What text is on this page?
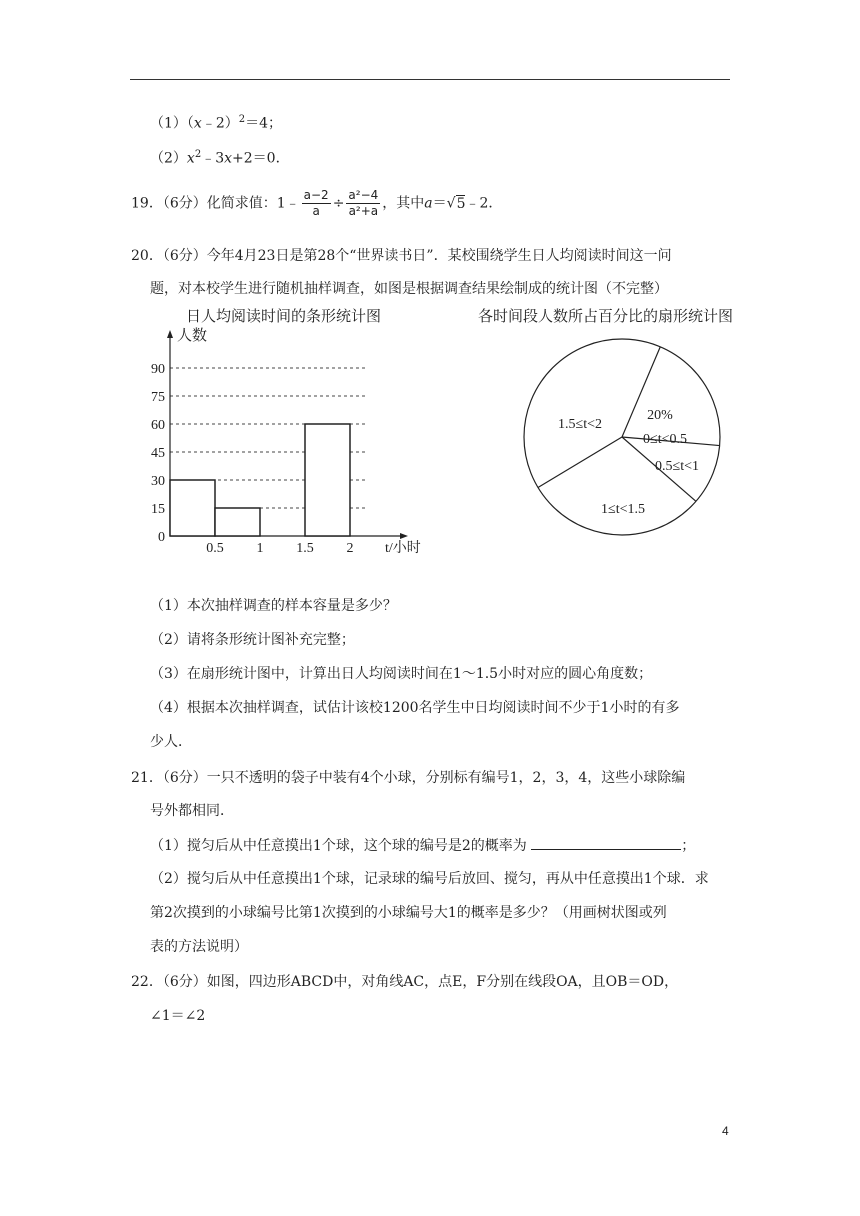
（1）（x﹣2）$^2$＝4；
$(2)x^2﹣3x+2=0$．
19．（6分）化简求值：1﹣ $\frac{a-2}{a} \div \frac{\text{a²−4}}{\text{a²+a}}$ ，其中a＝√5﹣2．
20．（6分）今年4月23日是第28个“世界读书日”．某校围绕学生日人均阅读时间这一问
题，对本校学生进行随机抽样调查，如图是根据调查结果绘制成的统计图（不完整）
日人均阅读时间的条形统计图	各时间段人数所占百分比的扇形统计图
0
15
30
45
60
75
90
0.5 1 1.5 2
人数
t/小时
20%
0≤t<0.5
0.5≤t<1
1≤t<1.5
1.5≤t<2
（1）本次抽样调查的样本容量是多少？
（2）请将条形统计图补充完整；
（3）在扇形统计图中，计算出日人均阅读时间在1～1.5小时对应的圆心角度数；
（4）根据本次抽样调查，试估计该校1200名学生中日均阅读时间不少于1小时的有多
少人．
21．（6分）一只不透明的袋子中装有4个小球，分别标有编号1，2，3，4，这些小球除编
号外都相同．
（1）搅匀后从中任意摸出1个球，这个球的编号是2的概率为	；
（2）搅匀后从中任意摸出1个球，记录球的编号后放回、搅匀，再从中任意摸出1个球．求
第2次摸到的小球编号比第1次摸到的小球编号大1的概率是多少？（用画树状图或列
表的方法说明）
22．（6分）如图，四边形ABCD中，对角线AC，点E，F分别在线段OA，且OB＝OD，
∠1＝∠2
4
